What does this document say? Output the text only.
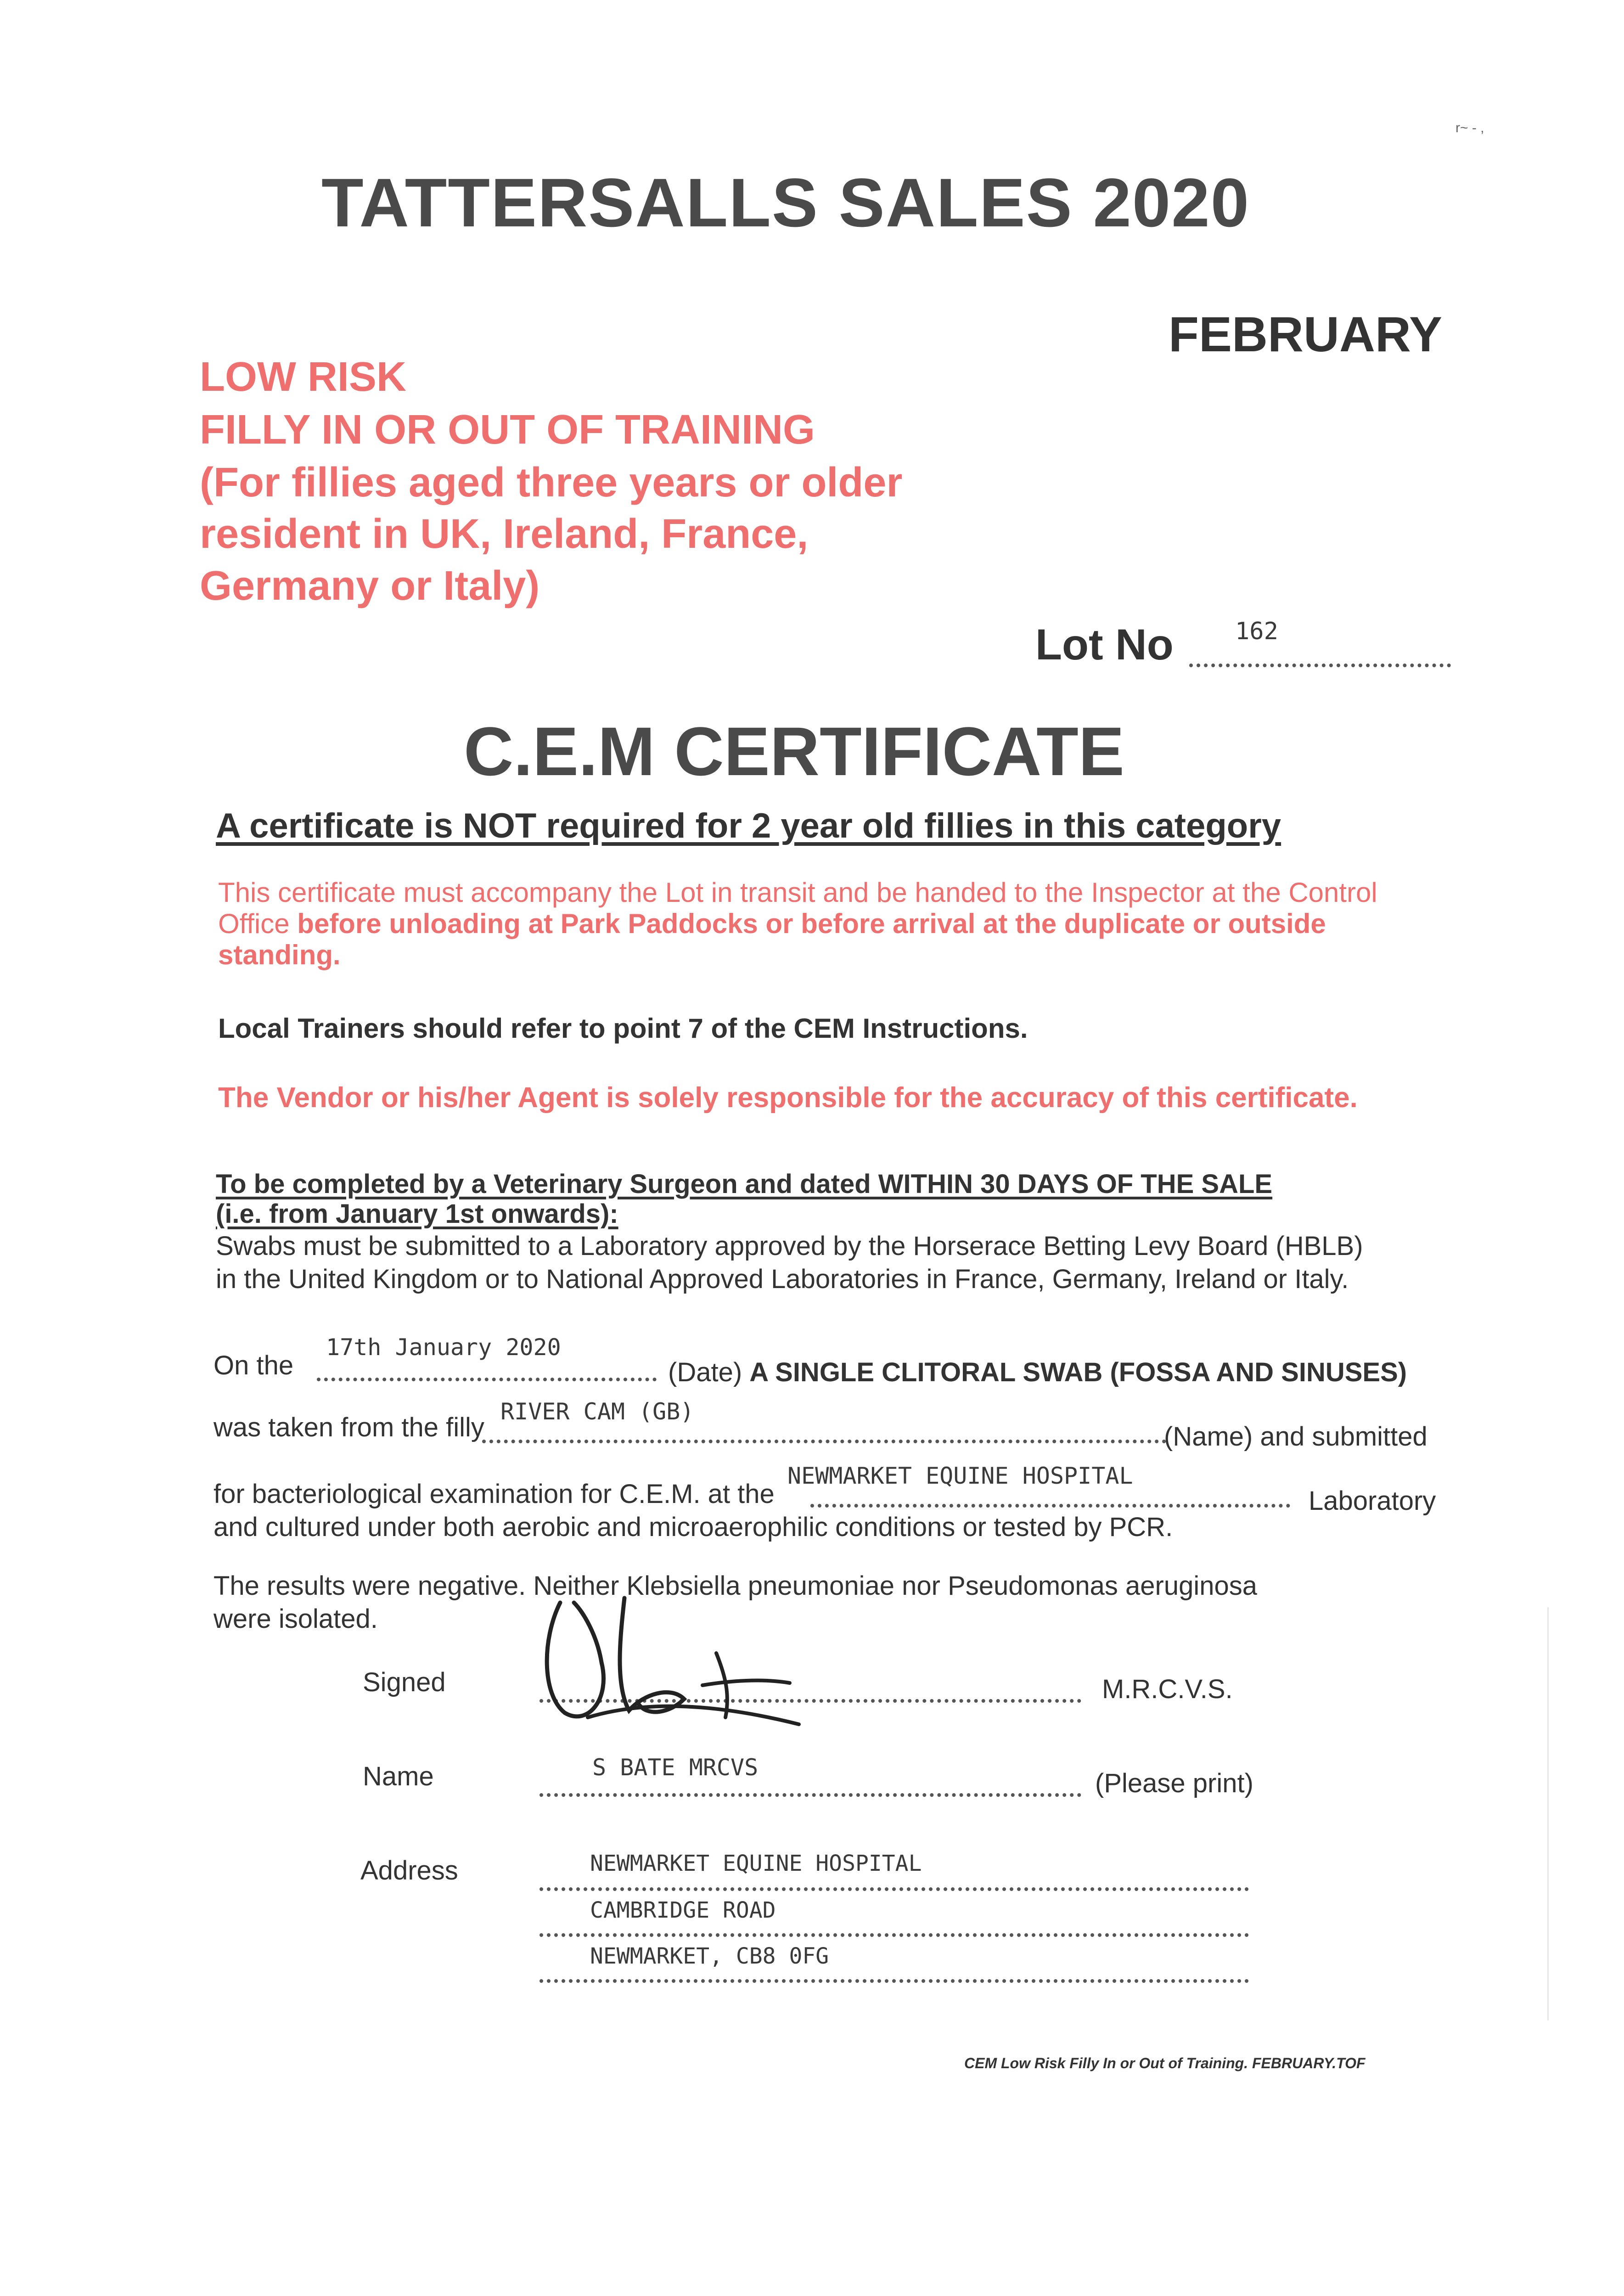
r~ - ,
TATTERSALLS SALES 2020
FEBRUARY
LOW RISK
FILLY IN OR OUT OF TRAINING
(For fillies aged three years or older
resident in UK, Ireland, France,
Germany or Italy)
Lot No	162
C.E.M CERTIFICATE
A certificate is NOT required for 2 year old fillies in this category
This certificate must accompany the Lot in transit and be handed to the Inspector at the Control Office before unloading at Park Paddocks or before arrival at the duplicate or outside standing.
Local Trainers should refer to point 7 of the CEM Instructions.
The Vendor or his/her Agent is solely responsible for the accuracy of this certificate.
To be completed by a Veterinary Surgeon and dated WITHIN 30 DAYS OF THE SALE
(i.e. from January 1st onwards):
Swabs must be submitted to a Laboratory approved by the Horserace Betting Levy Board (HBLB)
in the United Kingdom or to National Approved Laboratories in France, Germany, Ireland or Italy.
On the
17th January 2020
(Date) A SINGLE CLITORAL SWAB (FOSSA AND SINUSES)
was taken from the filly
RIVER CAM (GB)
(Name) and submitted
for bacteriological examination for C.E.M. at the
NEWMARKET EQUINE HOSPITAL
Laboratory
and cultured under both aerobic and microaerophilic conditions or tested by PCR.
The results were negative. Neither Klebsiella pneumoniae nor Pseudomonas aeruginosa
were isolated.
Signed	M.R.C.V.S.
Name	S BATE MRCVS
(Please print)
Address	NEWMARKET EQUINE HOSPITAL
CAMBRIDGE ROAD
NEWMARKET, CB8 0FG
CEM Low Risk Filly In or Out of Training. FEBRUARY.TOF
